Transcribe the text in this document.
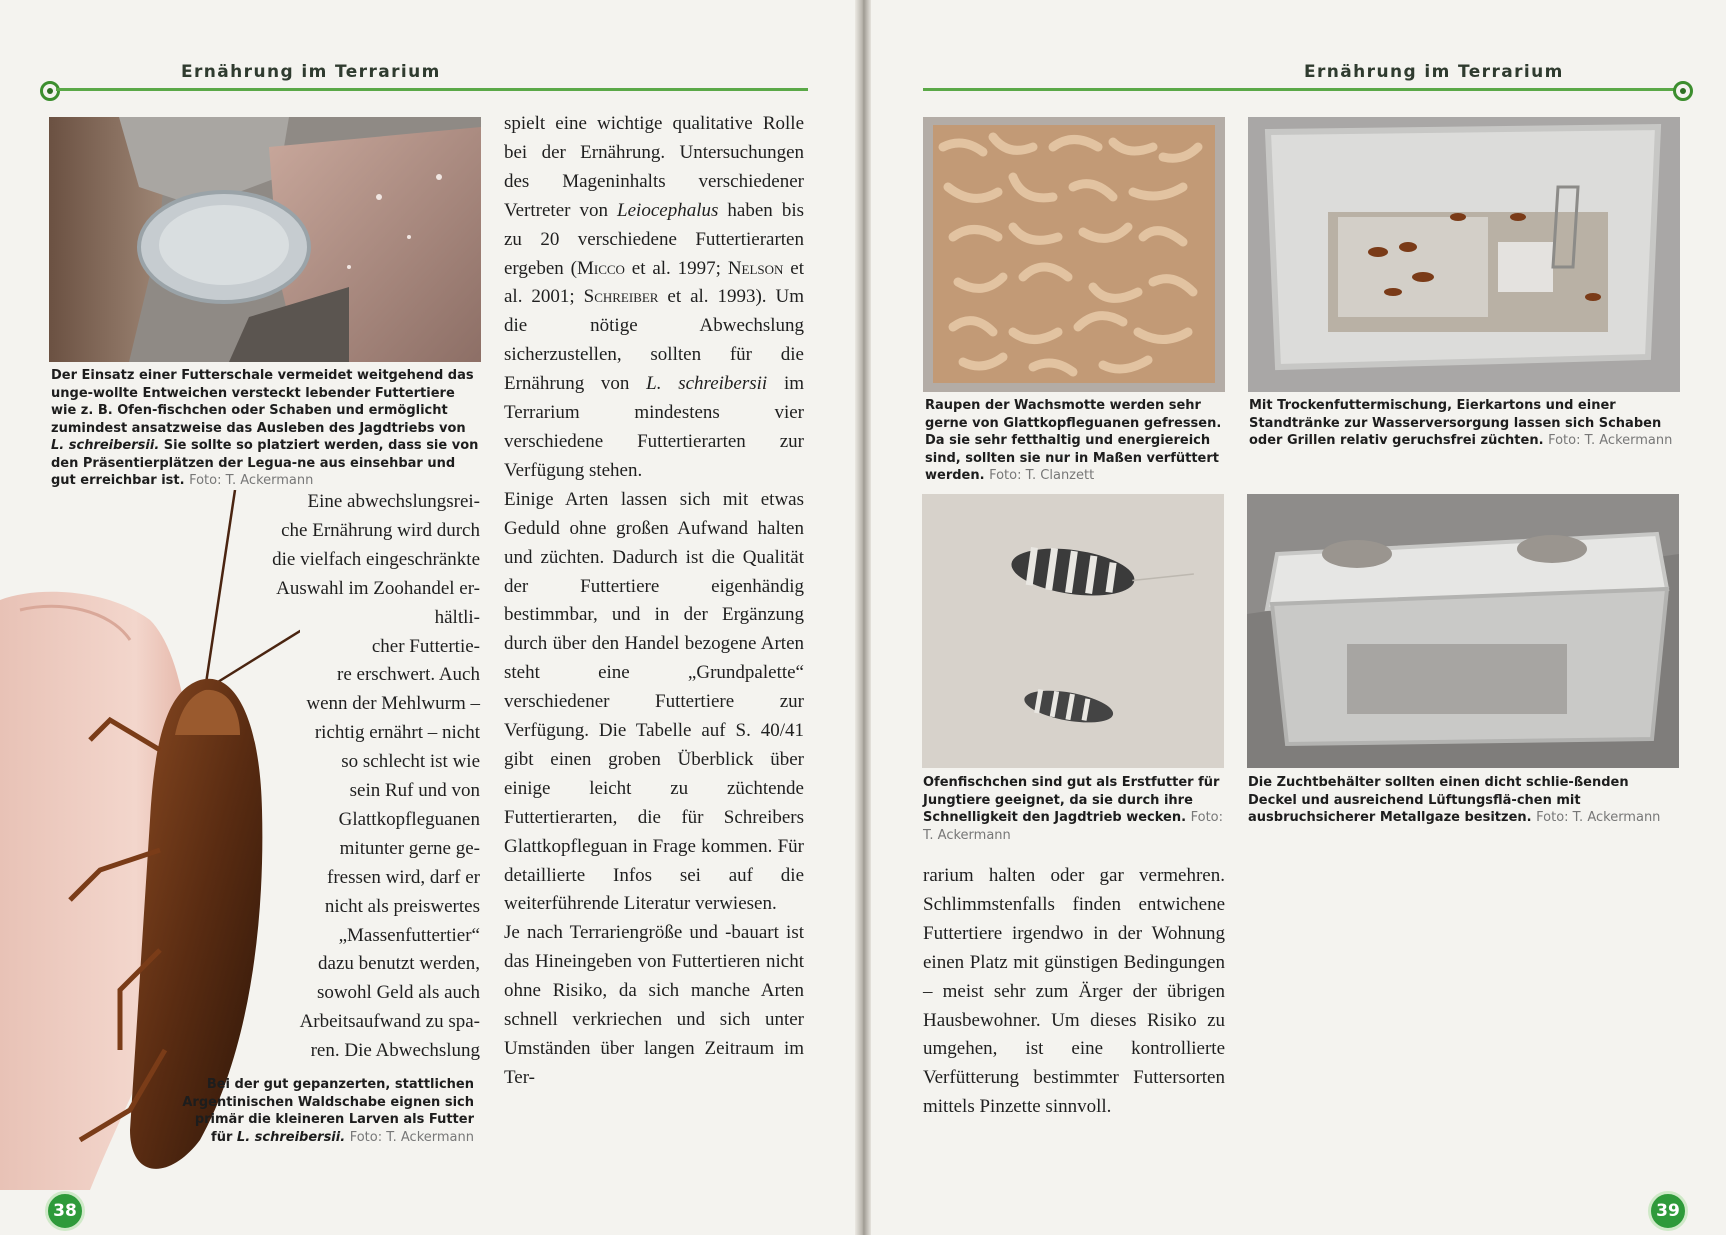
Ernährung im Terrarium
Der Einsatz einer Futterschale vermeidet weitgehend das unge-wollte Entweichen versteckt lebender Futtertiere wie z. B. Ofen-fischchen oder Schaben und ermöglicht zumindest ansatzweise das Ausleben des Jagdtriebs von L. schreibersii. Sie sollte so platziert werden, dass sie von den Präsentierplätzen der Legua-ne aus einsehbar und gut erreichbar ist. Foto: T. Ackermann
Eine abwechslungsrei-
che Ernährung wird durch
die vielfach eingeschränkte
Auswahl im Zoohandel er-
hältli-
cher Futtertie-
re erschwert. Auch
wenn der Mehlwurm –
richtig ernährt – nicht
so schlecht ist wie
sein Ruf und von
Glattkopfleguanen
mitunter gerne ge-
fressen wird, darf er
nicht als preiswertes
„Massenfuttertier“
dazu benutzt werden,
sowohl Geld als auch
Arbeitsaufwand zu spa-
ren. Die Abwechslung
Bei der gut gepanzerten, stattlichen Argentinischen Waldschabe eignen sich primär die kleineren Larven als Futter für L. schreibersii. Foto: T. Ackermann

spielt eine wichtige qualitative Rolle bei der Ernährung. Untersuchungen des Mageninhalts verschiedener Vertreter von Leiocephalus haben bis zu 20 verschiedene Futtertierarten ergeben (Micco et al. 1997; Nelson et al. 2001; Schreiber et al. 1993). Um die nötige Abwechslung sicherzustellen, sollten für die Ernährung von L. schreibersii im Terrarium mindestens vier verschiedene Futtertierarten zur Verfügung stehen.

Einige Arten lassen sich mit etwas Geduld ohne großen Aufwand halten und züchten. Dadurch ist die Qualität der Futtertiere eigenhändig bestimmbar, und in der Ergänzung durch über den Handel bezogene Arten steht eine „Grundpalette“ verschiedener Futtertiere zur Verfügung. Die Tabelle auf S. 40/41 gibt einen groben Überblick über einige leicht zu züchtende Futtertierarten, die für Schreibers Glattkopfleguan in Frage kommen. Für detaillierte Infos sei auf die weiterführende Literatur verwiesen.

Je nach Terrariengröße und -bauart ist das Hineingeben von Futtertieren nicht ohne Risiko, da sich manche Arten schnell verkriechen und sich unter Umständen über langen Zeitraum im Ter-

38
Ernährung im Terrarium
Raupen der Wachsmotte werden sehr gerne von Glattkopfleguanen gefressen. Da sie sehr fetthaltig und energiereich sind, sollten sie nur in Maßen verfüttert werden. Foto: T. Clanzett
Mit Trockenfuttermischung, Eierkartons und einer Standtränke zur Wasserversorgung lassen sich Schaben oder Grillen relativ geruchsfrei züchten. Foto: T. Ackermann
Ofenfischchen sind gut als Erstfutter für Jungtiere geeignet, da sie durch ihre Schnelligkeit den Jagdtrieb wecken. Foto: T. Ackermann
Die Zuchtbehälter sollten einen dicht schlie-ßenden Deckel und ausreichend Lüftungsflä-chen mit ausbruchsicherer Metallgaze besitzen. Foto: T. Ackermann

rarium halten oder gar vermehren. Schlimmstenfalls finden entwichene Futtertiere irgendwo in der Wohnung einen Platz mit günstigen Bedingungen – meist sehr zum Ärger der übrigen Hausbewohner. Um dieses Risiko zu umgehen, ist eine kontrollierte Verfütterung bestimmter Futtersorten mittels Pinzette sinnvoll.

39
